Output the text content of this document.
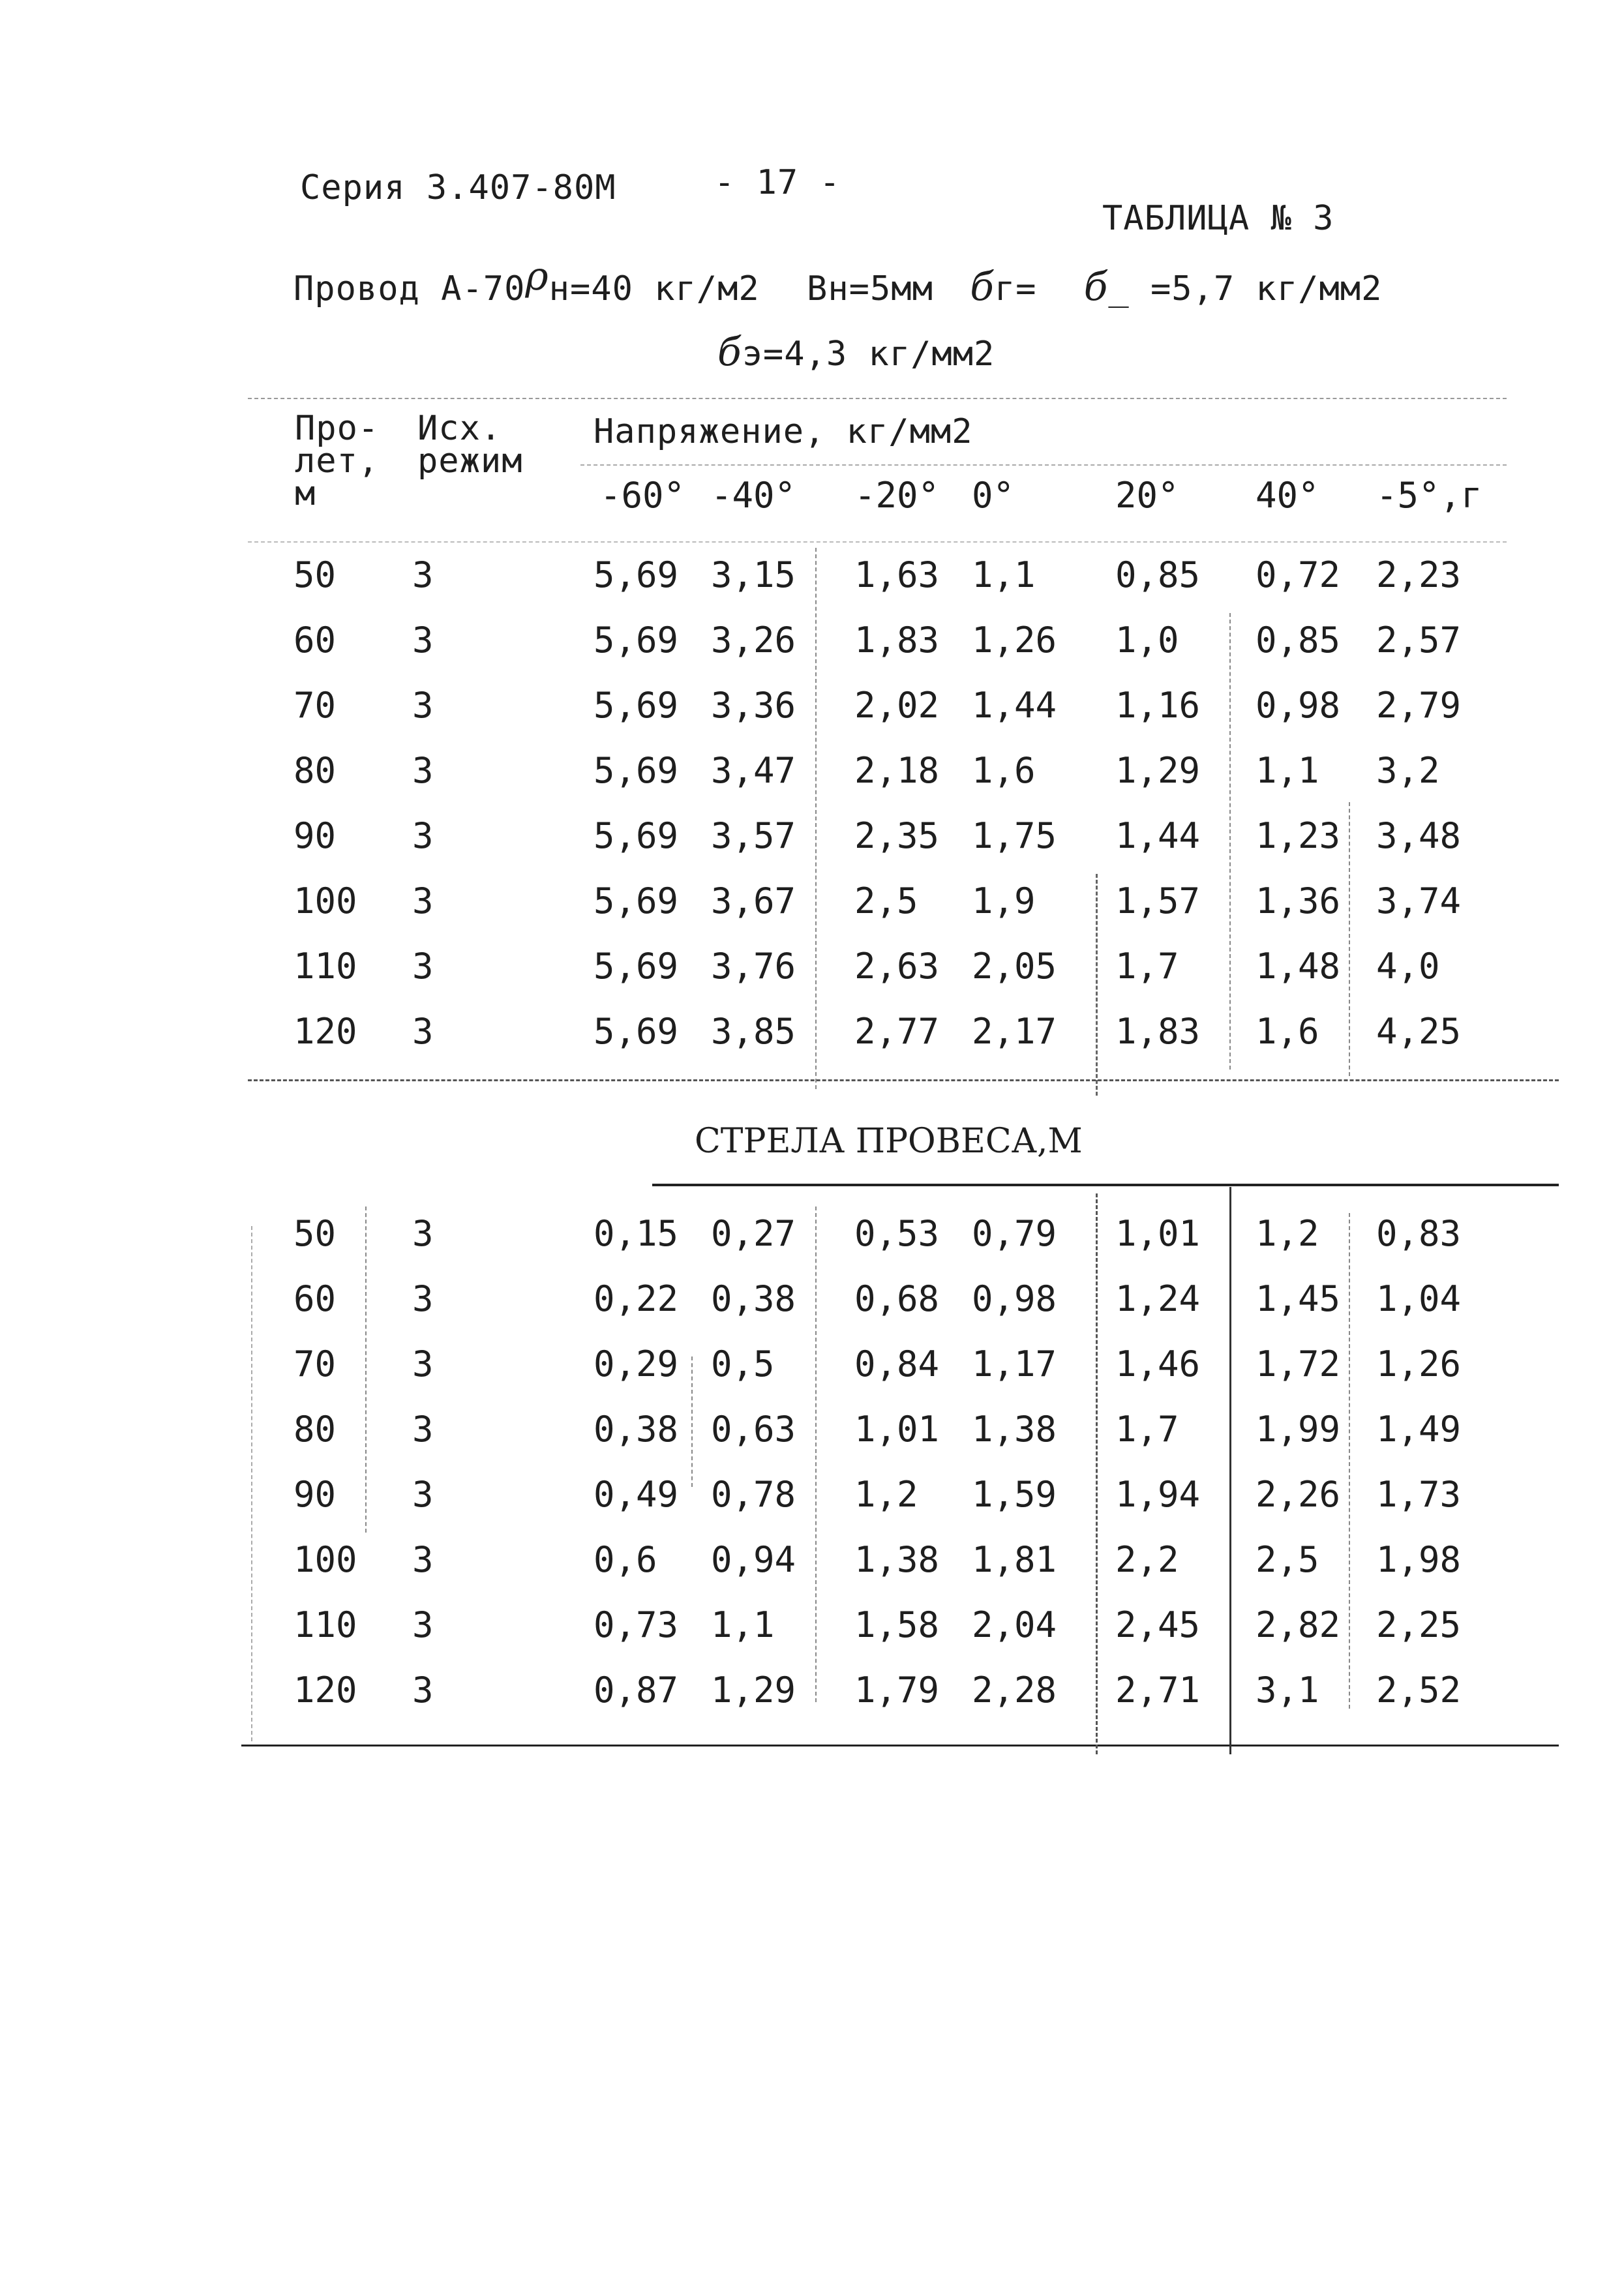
Серия 3.407-80М	- 17 -
ТАБЛИЦА № 3
Провод А-70ρн=40 кг/м2 Вн=5мм бг= б_ =5,7 кг/мм2
бэ=4,3 кг/мм2
Про-
лет,
м
Исх.
режим
Напряжение, кг/мм2
-60° -40° -20° 0°	20° 40° -5°,г
50 3	5,69 3,15 1,63 1,1 0,85 0,72 2,23
60 3	5,69 3,26 1,83 1,26 1,0 0,85 2,57
70 3	5,69 3,36 2,02 1,44 1,16 0,98 2,79
80 3	5,69 3,47 2,18 1,6 1,29 1,1 3,2
90 3	5,69 3,57 2,35 1,75 1,44 1,23 3,48
100 3	5,69 3,67 2,5 1,9 1,57 1,36 3,74
110 3	5,69 3,76 2,63 2,05 1,7 1,48 4,0
120 3	5,69 3,85 2,77 2,17 1,83 1,6 4,25
СТРЕЛА ПРОВЕСА,М
50 3	0,15 0,27 0,53 0,79 1,01 1,2 0,83
60 3	0,22 0,38 0,68 0,98 1,24 1,45 1,04
70 3	0,29 0,5 0,84 1,17 1,46 1,72 1,26
80 3	0,38 0,63 1,01 1,38 1,7 1,99 1,49
90 3	0,49 0,78 1,2 1,59 1,94 2,26 1,73
100 3	0,6 0,94 1,38 1,81 2,2 2,5 1,98
110 3	0,73 1,1 1,58 2,04 2,45 2,82 2,25
120 3	0,87 1,29 1,79 2,28 2,71 3,1 2,52
